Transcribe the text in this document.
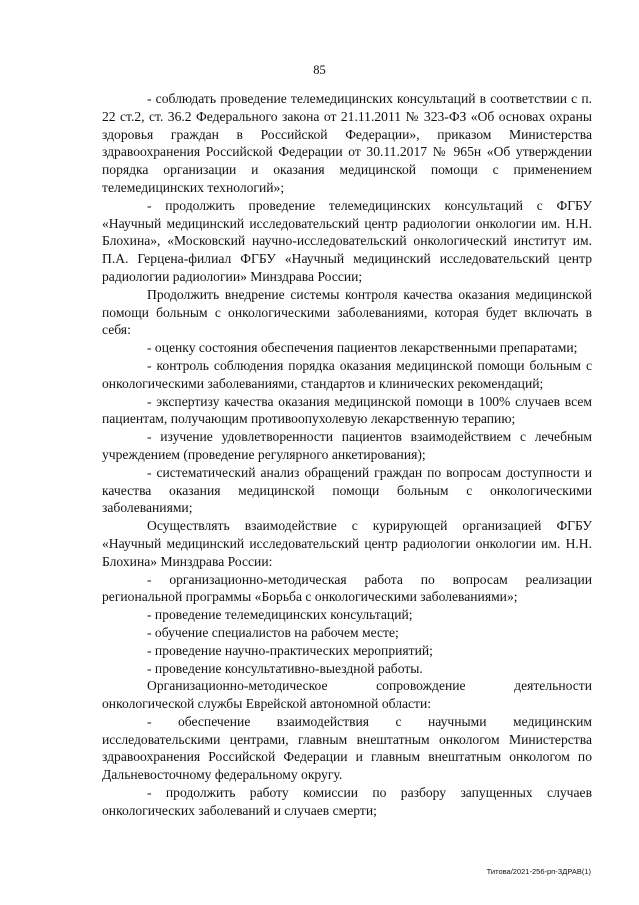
85

- соблюдать проведение телемедицинских консультаций в соответствии с п. 22 ст.2, ст. 36.2 Федерального закона от 21.11.2011 № 323-ФЗ «Об основах охраны здоровья граждан в Российской Федерации», приказом Министерства здравоохранения Российской Федерации от 30.11.2017 № 965н «Об утверждении порядка организации и оказания медицинской помощи с применением телемедицинских технологий»;

- продолжить проведение телемедицинских консультаций с ФГБУ «Научный медицинский исследовательский центр радиологии онкологии им. Н.Н. Блохина», «Московский научно-исследовательский онкологический институт им. П.А. Герцена-филиал ФГБУ «Научный медицинский исследовательский центр радиологии радиологии» Минздрава России;

Продолжить внедрение системы контроля качества оказания медицинской помощи больным с онкологическими заболеваниями, которая будет включать в себя:

- оценку состояния обеспечения пациентов лекарственными препаратами;

- контроль соблюдения порядка оказания медицинской помощи больным с онкологическими заболеваниями, стандартов и клинических рекомендаций;

- экспертизу качества оказания медицинской помощи в 100% случаев всем пациентам, получающим противоопухолевую лекарственную терапию;

- изучение удовлетворенности пациентов взаимодействием с лечебным учреждением (проведение регулярного анкетирования);

- систематический анализ обращений граждан по вопросам доступности и качества оказания медицинской помощи больным с онкологическими заболеваниями;

Осуществлять взаимодействие с курирующей организацией ФГБУ «Научный медицинский исследовательский центр радиологии онкологии им. Н.Н. Блохина» Минздрава России:

- организационно-методическая работа по вопросам реализации региональной программы «Борьба с онкологическими заболеваниями»;

- проведение телемедицинских консультаций;

- обучение специалистов на рабочем месте;

- проведение научно-практических мероприятий;

- проведение консультативно-выездной работы.

Организационно-методическое сопровождение деятельности онкологической службы Еврейской автономной области:

- обеспечение взаимодействия с научными медицинским исследовательскими центрами, главным внештатным онкологом Министерства здравоохранения Российской Федерации и главным внештатным онкологом по Дальневосточному федеральному округу.

- продолжить работу комиссии по разбору запущенных случаев онкологических заболеваний и случаев смерти;

Титова/2021-256-рп-ЗДРАВ(1)
